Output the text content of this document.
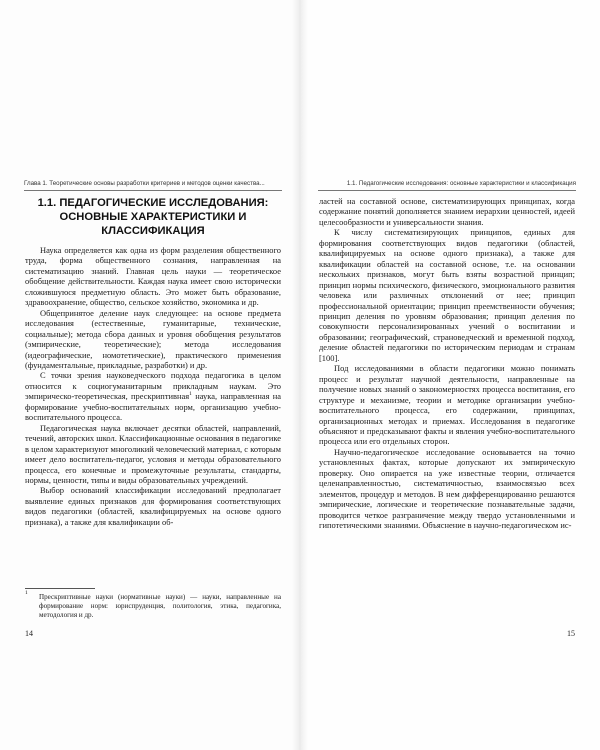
Глава 1. Теоретические основы разработки критериев и методов оценки качества...
1.1. ПЕДАГОГИЧЕСКИЕ ИССЛЕДОВАНИЯ:
ОСНОВНЫЕ ХАРАКТЕРИСТИКИ И КЛАССИФИКАЦИЯ

Наука определяется как одна из форм разделения общественного труда, форма общественного сознания, направленная на систематизацию знаний. Главная цель науки — теоретическое обобщение действительности. Каждая наука имеет свою исторически сложившуюся предметную область. Это может быть образование, здравоохранение, общество, сельское хозяйство, экономика и др.

Общепринятое деление наук следующее: на основе предмета исследования (естественные, гуманитарные, технические, социальные); метода сбора данных и уровня обобщения результатов (эмпирические, теоретические); метода исследования (идеографические, номотетические), практического применения (фундаментальные, прикладные, разработки) и др.

С точки зрения науковедческого подхода педагогика в целом относится к социогуманитарным прикладным наукам. Это эмпирическо-теоретическая, прескриптивная$^1$ наука, направленная на формирование учебно-воспитательных норм, организацию учебно-воспитательного процесса.

Педагогическая наука включает десятки областей, направлений, течений, авторских школ. Классификационные основания в педагогике в целом характеризуют многоликий человеческий материал, с которым имеет дело воспитатель-педагог, условия и методы образовательного процесса, его конечные и промежуточные результаты, стандарты, нормы, ценности, типы и виды образовательных учреждений.

Выбор оснований классификации исследований предполагает выявление единых признаков для формирования соответствующих видов педагогики (областей, квалифицируемых на основе одного признака), а также для квалификации об-

1	Прескриптивные науки (нормативные науки) — науки, направленные на формирование норм: юриспруденция, политология, этика, педагогика, методология и др.
14
1.1. Педагогические исследования: основные характеристики и классификация
15

ластей на составной основе, систематизирующих принципах, когда содержание понятий дополняется знанием иерархии ценностей, идеей целесообразности и универсальности знания.

К числу систематизирующих принципов, единых для формирования соответствующих видов педагогики (областей, квалифицируемых на основе одного признака), а также для квалификации областей на составной основе, т.е. на основании нескольких признаков, могут быть взяты возрастной принцип; принцип нормы психического, физического, эмоционального развития человека или различных отклонений от нее; принцип профессиональной ориентации; принцип преемственности обучения; принцип деления по уровням образования; принцип деления по совокупности персонализированных учений о воспитании и образовании; географический, страноведческий и временной подход, деление областей педагогики по историческим периодам и странам [100].

Под исследованиями в области педагогики можно понимать процесс и результат научной деятельности, направленные на получение новых знаний о закономерностях процесса воспитания, его структуре и механизме, теории и методике организации учебно-воспитательного процесса, его содержании, принципах, организационных методах и приемах. Исследования в педагогике объясняют и предсказывают факты и явления учебно-воспитательного процесса или его отдельных сторон.

Научно-педагогическое исследование основывается на точно установленных фактах, которые допускают их эмпирическую проверку. Оно опирается на уже известные теории, отличается целенаправленностью, систематичностью, взаимосвязью всех элементов, процедур и методов. В нем дифференцированно решаются эмпирические, логические и теоретические познавательные задачи, проводится четкое разграничение между твердо установленными и гипотетическими знаниями. Объяснение в научно-педагогическом ис-
